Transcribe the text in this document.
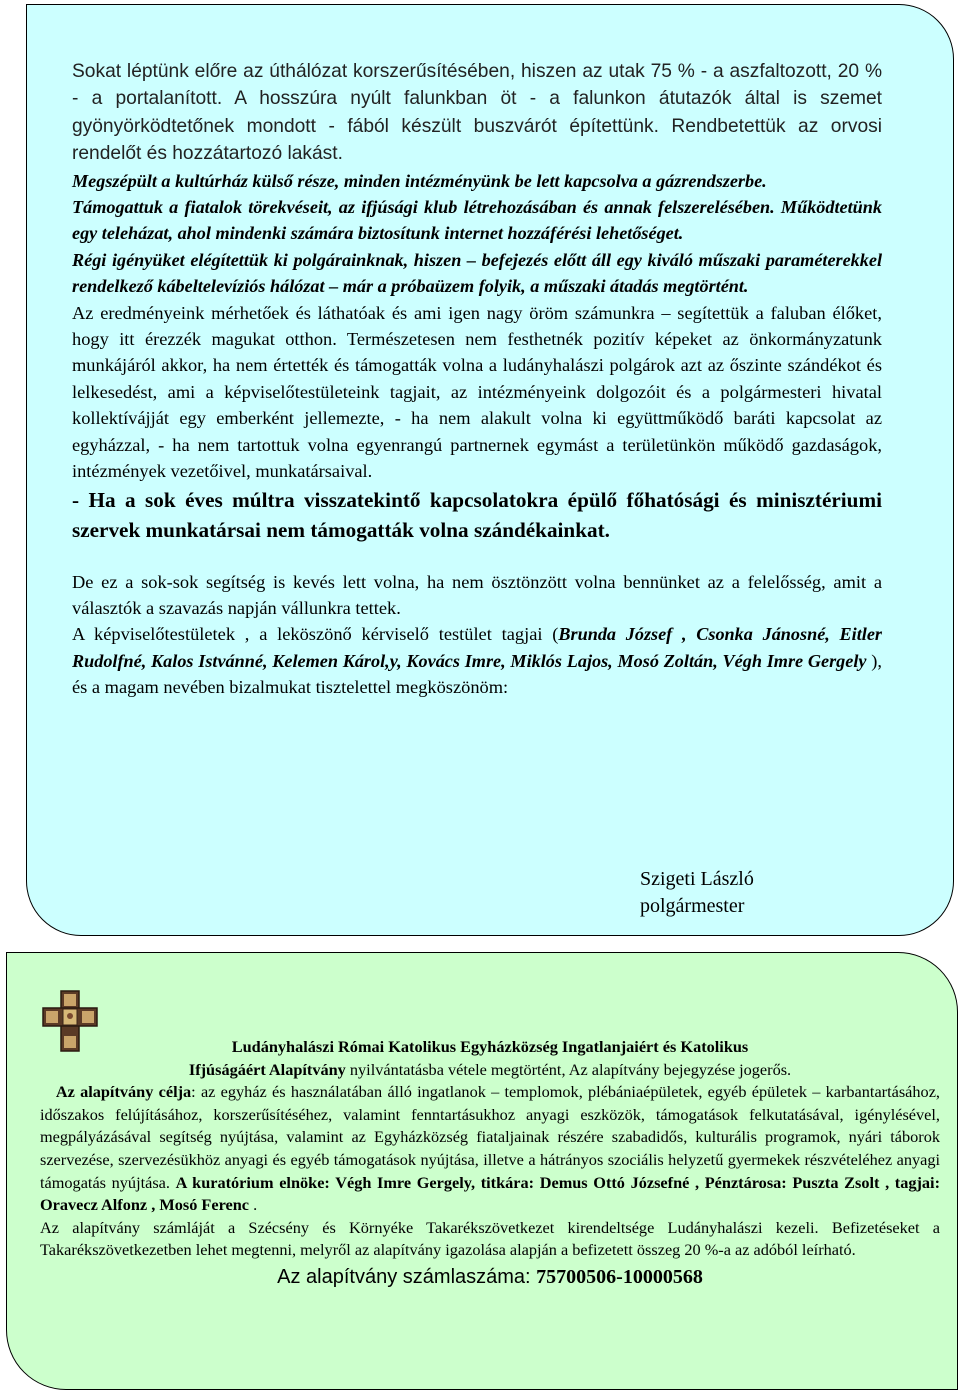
Sokat léptünk előre az úthálózat korszerűsítésében, hiszen az utak 75 % - a aszfaltozott, 20 % - a portalanított. A hosszúra nyúlt falunkban öt - a falunkon átutazók által is szemet gyönyörködtetőnek mondott - fából készült buszvárót építettünk. Rendbetettük az orvosi rendelőt és hozzátartozó lakást.

Megszépült a kultúrház külső része, minden intézményünk be lett kapcsolva a gázrendszerbe.

Támogattuk a fiatalok törekvéseit, az ifjúsági klub létrehozásában és annak felszerelésében. Működtetünk egy teleházat, ahol mindenki számára biztosítunk internet hozzáférési lehetőséget.

Régi igényüket elégítettük ki polgárainknak, hiszen – befejezés előtt áll egy kiváló műszaki paraméterekkel rendelkező kábeltelevíziós hálózat – már a próbaüzem folyik, a műszaki átadás megtörtént.

Az eredményeink mérhetőek és láthatóak és ami igen nagy öröm számunkra – segítettük a faluban élőket, hogy itt érezzék magukat otthon. Természetesen nem festhetnék pozitív képeket az önkormányzatunk munkájáról akkor, ha nem értették és támogatták volna a ludányhalászi polgárok azt az őszinte szándékot és lelkesedést, ami a képviselőtestületeink tagjait, az intézményeink dolgozóit és a polgármesteri hivatal kollektívájját egy emberként jellemezte, - ha nem alakult volna ki együttműködő baráti kapcsolat az egyházzal, - ha nem tartottuk volna egyenrangú partnernek egymást a területünkön működő gazdaságok, intézmények vezetőivel, munkatársaival.

- Ha a sok éves múltra visszatekintő kapcsolatokra épülő főhatósági és minisztériumi szervek munkatársai nem támogatták volna szándékainkat.

De ez a sok-sok segítség is kevés lett volna, ha nem ösztönzött volna bennünket az a felelősség, amit a választók a szavazás napján vállunkra tettek.

A képviselőtestületek , a leköszönő kérviselő testület tagjai (Brunda József , Csonka Jánosné, Eitler Rudolfné, Kalos Istvánné, Kelemen Károl,y, Kovács Imre, Miklós Lajos, Mosó Zoltán, Végh Imre Gergely ), és a magam nevében bizalmukat tisztelettel megköszönöm:

Szigeti László
polgármester

Ludányhalászi Római Katolikus Egyházközség Ingatlanjaiért és Katolikus

Ifjúságáért Alapítvány nyilvántatásba vétele megtörtént, Az alapítvány bejegyzése jogerős.

Az alapítvány célja: az egyház és használatában álló ingatlanok – templomok, plébániaépületek, egyéb épületek – karbantartásához, időszakos felújításához, korszerűsítéséhez, valamint fenntartásukhoz anyagi eszközök, támogatások felkutatásával, igénylésével, megpályázásával segítség nyújtása, valamint az Egyházközség fiataljainak részére szabadidős, kulturális programok, nyári táborok szervezése, szervezésükhöz anyagi és egyéb támogatások nyújtása, illetve a hátrányos szociális helyzetű gyermekek részvételéhez anyagi támogatás nyújtása. A kuratórium elnöke: Végh Imre Gergely, titkára: Demus Ottó Józsefné , Pénztárosa: Puszta Zsolt , tagjai: Oravecz Alfonz , Mosó Ferenc .

Az alapítvány számláját a Szécsény és Környéke Takarékszövetkezet kirendeltsége Ludányhalászi kezeli. Befizetéseket a Takarékszövetkezetben lehet megtenni, melyről az alapítvány igazolása alapján a befizetett összeg 20 %-a az adóból leírható.

Az alapítvány számlaszáma: 75700506-10000568
